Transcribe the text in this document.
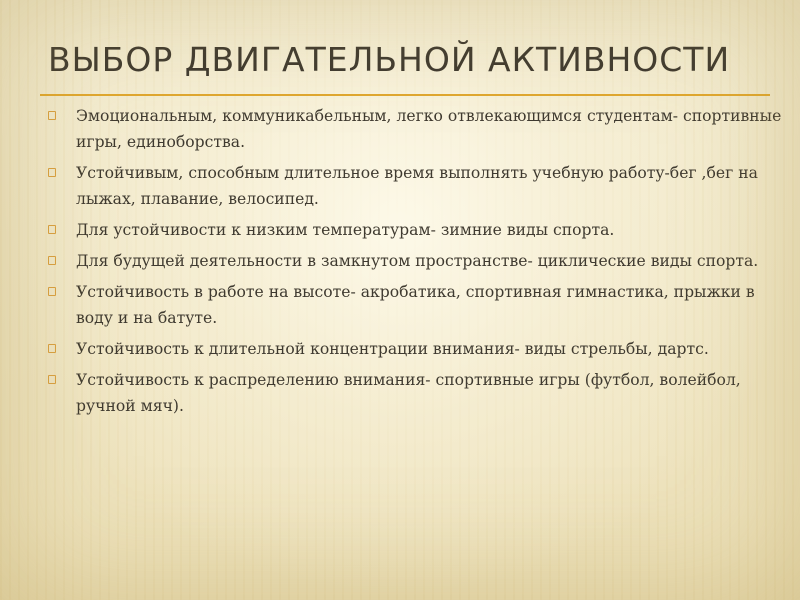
ВЫБОР ДВИГАТЕЛЬНОЙ АКТИВНОСТИ
Эмоциональным, коммуникабельным, легко отвлекающимся студентам- спортивные игры, единоборства.
Устойчивым, способным длительное время выполнять учебную работу-бег ,бег на лыжах, плавание, велосипед.
Для устойчивости к низким температурам- зимние виды спорта.
Для будущей деятельности в замкнутом пространстве- циклические виды спорта.
Устойчивость в работе на высоте- акробатика, спортивная гимнастика, прыжки в воду и на батуте.
Устойчивость к длительной концентрации внимания- виды стрельбы, дартс.
Устойчивость к распределению внимания- спортивные игры (футбол, волейбол, ручной мяч).
